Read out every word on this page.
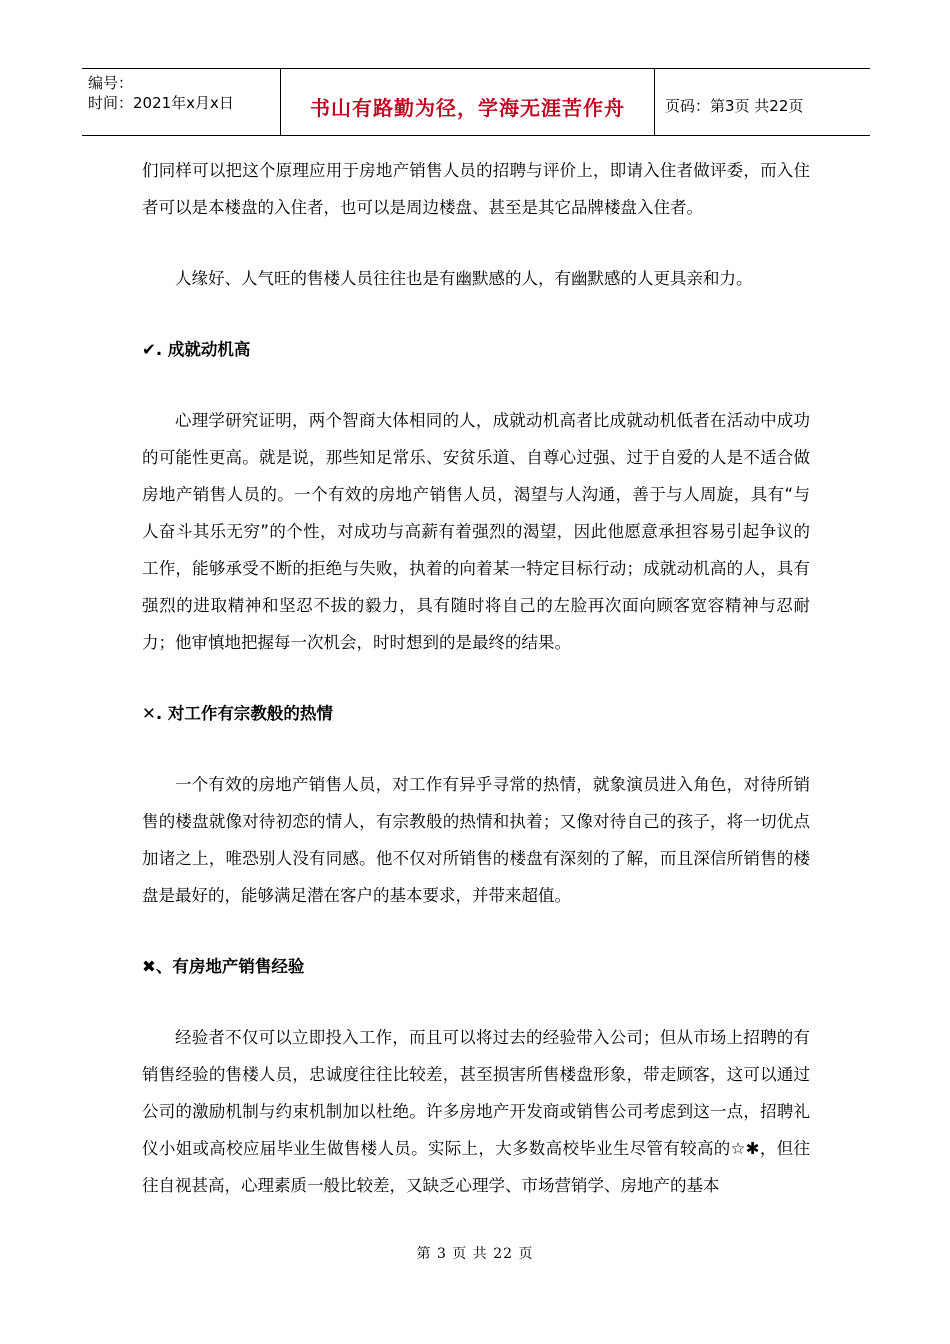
编号：
时间：2021年x月x日	书山有路勤为径，学海无涯苦作舟	页码：第3页 共22页

们同样可以把这个原理应用于房地产销售人员的招聘与评价上，即请入住者做评委，而入住者可以是本楼盘的入住者，也可以是周边楼盘、甚至是其它品牌楼盘入住者。

人缘好、人气旺的售楼人员往往也是有幽默感的人，有幽默感的人更具亲和力。

✔. 成就动机高

心理学研究证明，两个智商大体相同的人，成就动机高者比成就动机低者在活动中成功的可能性更高。就是说，那些知足常乐、安贫乐道、自尊心过强、过于自爱的人是不适合做房地产销售人员的。一个有效的房地产销售人员，渴望与人沟通，善于与人周旋，具有“与人奋斗其乐无穷”的个性，对成功与高薪有着强烈的渴望，因此他愿意承担容易引起争议的工作，能够承受不断的拒绝与失败，执着的向着某一特定目标行动；成就动机高的人，具有强烈的进取精神和坚忍不拔的毅力，具有随时将自己的左脸再次面向顾客宽容精神与忍耐力；他审慎地把握每一次机会，时时想到的是最终的结果。

✕. 对工作有宗教般的热情

一个有效的房地产销售人员，对工作有异乎寻常的热情，就象演员进入角色，对待所销售的楼盘就像对待初恋的情人，有宗教般的热情和执着；又像对待自己的孩子，将一切优点加诸之上，唯恐别人没有同感。他不仅对所销售的楼盘有深刻的了解，而且深信所销售的楼盘是最好的，能够满足潜在客户的基本要求，并带来超值。

✖、有房地产销售经验

经验者不仅可以立即投入工作，而且可以将过去的经验带入公司；但从市场上招聘的有销售经验的售楼人员，忠诚度往往比较差，甚至损害所售楼盘形象，带走顾客，这可以通过公司的激励机制与约束机制加以杜绝。许多房地产开发商或销售公司考虑到这一点，招聘礼仪小姐或高校应届毕业生做售楼人员。实际上，大多数高校毕业生尽管有较高的☆✱，但往往自视甚高，心理素质一般比较差，又缺乏心理学、市场营销学、房地产的基本

第 3 页 共 22 页
